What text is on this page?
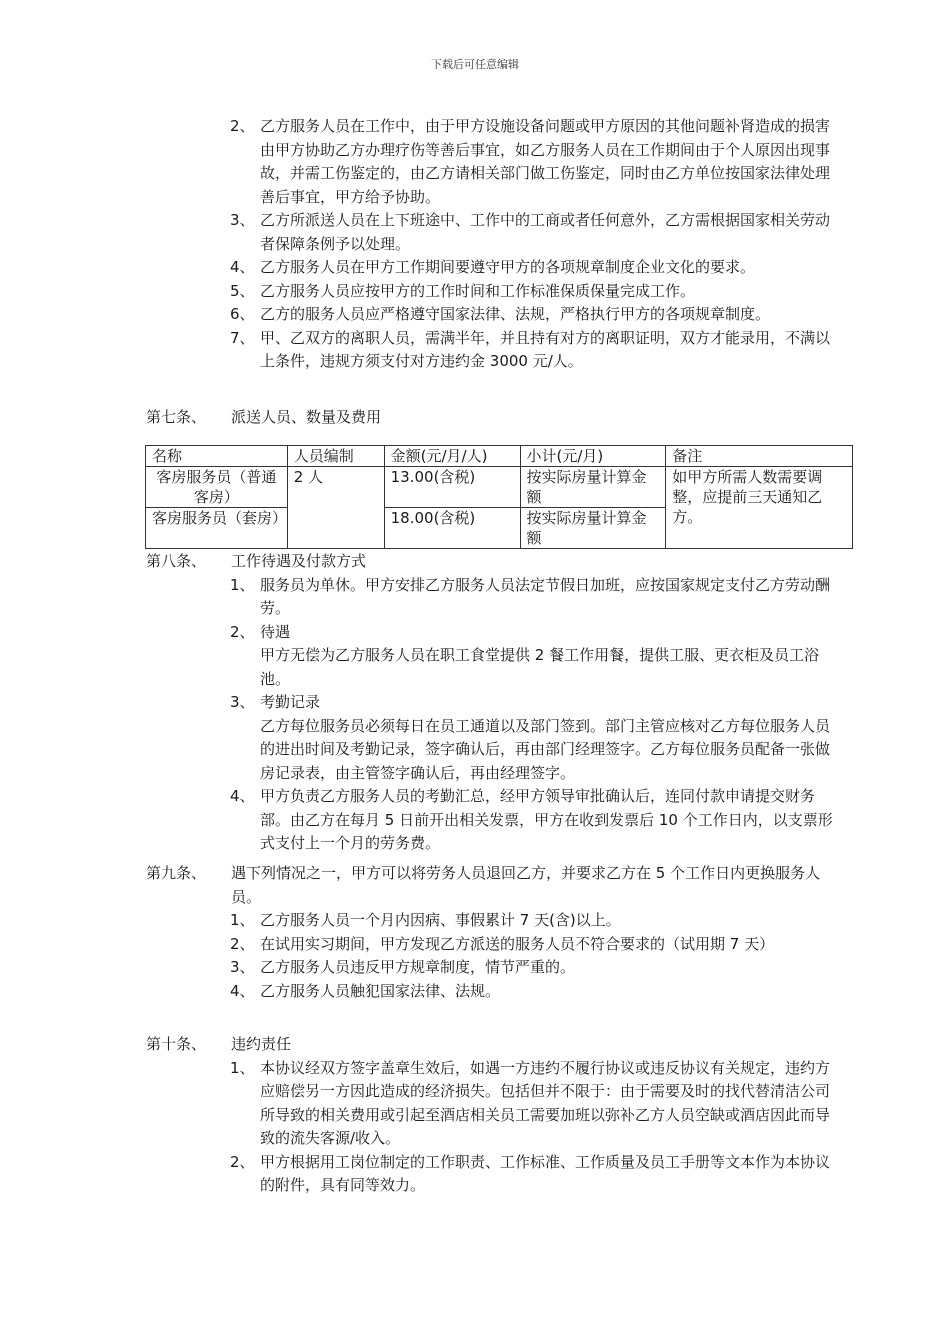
下载后可任意编辑
2、 乙方服务人员在工作中，由于甲方设施设备问题或甲方原因的其他问题补肾造成的损害由甲方协助乙方办理疗伤等善后事宜，如乙方服务人员在工作期间由于个人原因出现事故，并需工伤鉴定的，由乙方请相关部门做工伤鉴定，同时由乙方单位按国家法律处理善后事宜，甲方给予协助。
3、 乙方所派送人员在上下班途中、工作中的工商或者任何意外，乙方需根据国家相关劳动者保障条例予以处理。
4、 乙方服务人员在甲方工作期间要遵守甲方的各项规章制度企业文化的要求。
5、 乙方服务人员应按甲方的工作时间和工作标准保质保量完成工作。
6、 乙方的服务人员应严格遵守国家法律、法规，严格执行甲方的各项规章制度。
7、 甲、乙双方的离职人员，需满半年，并且持有对方的离职证明，双方才能录用，不满以上条件，违规方须支付对方违约金 3000 元/人。
第七条、 派送人员、数量及费用
名称	人员编制	金额(元/月/人)	小计(元/月)	备注
客房服务员（普通客房）	2 人	13.00(含税)	按实际房量计算金额	如甲方所需人数需要调整，应提前三天通知乙方。
客房服务员（套房）		18.00(含税)	按实际房量计算金额	
第八条、 工作待遇及付款方式
1、 服务员为单休。甲方安排乙方服务人员法定节假日加班，应按国家规定支付乙方劳动酬劳。
2、 待遇
甲方无偿为乙方服务人员在职工食堂提供 2 餐工作用餐，提供工服、更衣柜及员工浴池。
3、 考勤记录
乙方每位服务员必须每日在员工通道以及部门签到。部门主管应核对乙方每位服务人员的进出时间及考勤记录，签字确认后，再由部门经理签字。乙方每位服务员配备一张做房记录表，由主管签字确认后，再由经理签字。
4、 甲方负责乙方服务人员的考勤汇总，经甲方领导审批确认后，连同付款申请提交财务部。由乙方在每月 5 日前开出相关发票，甲方在收到发票后 10 个工作日内，以支票形式支付上一个月的劳务费。
第九条、 遇下列情况之一，甲方可以将劳务人员退回乙方，并要求乙方在 5 个工作日内更换服务人员。
1、 乙方服务人员一个月内因病、事假累计 7 天(含)以上。
2、 在试用实习期间，甲方发现乙方派送的服务人员不符合要求的（试用期 7 天）
3、 乙方服务人员违反甲方规章制度，情节严重的。
4、 乙方服务人员触犯国家法律、法规。
第十条、 违约责任
1、 本协议经双方签字盖章生效后，如遇一方违约不履行协议或违反协议有关规定，违约方应赔偿另一方因此造成的经济损失。包括但并不限于：由于需要及时的找代替清洁公司所导致的相关费用或引起至酒店相关员工需要加班以弥补乙方人员空缺或酒店因此而导致的流失客源/收入。
2、 甲方根据用工岗位制定的工作职责、工作标准、工作质量及员工手册等文本作为本协议的附件，具有同等效力。
